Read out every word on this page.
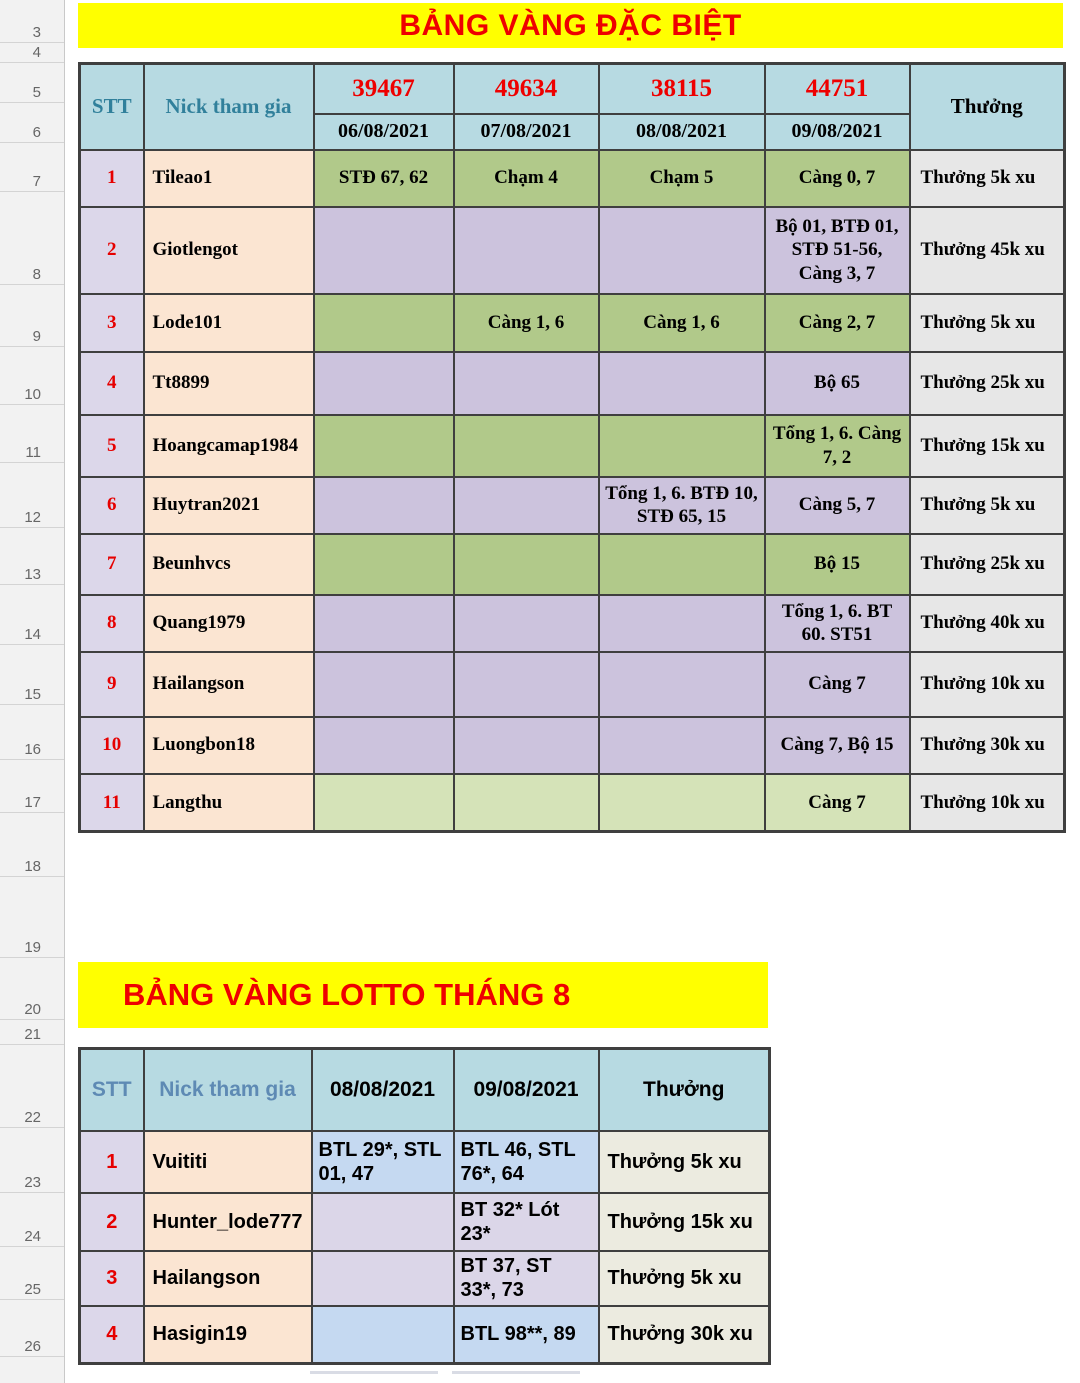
3
4
5
6
7
8
9
10
11
12
13
14
15
16
17
18
19
20
21
22
23
24
25
26
BẢNG VÀNG ĐẶC BIỆT
BẢNG VÀNG LOTTO THÁNG 8
STT	Nick tham gia	39467	49634	38115	44751	Thưởng
		06/08/2021	07/08/2021	08/08/2021	09/08/2021	
1	Tileao1	STĐ 67, 62	Chạm 4	Chạm 5	Càng 0, 7	Thưởng 5k xu
2	Giotlengot				Bộ 01, BTĐ 01, STĐ 51-56, Càng 3, 7	Thưởng 45k xu
3	Lode101		Càng 1, 6	Càng 1, 6	Càng 2, 7	Thưởng 5k xu
4	Tt8899				Bộ 65	Thưởng 25k xu
5	Hoangcamap1984				Tổng 1, 6. Càng 7, 2	Thưởng 15k xu
6	Huytran2021			Tổng 1, 6. BTĐ 10, STĐ 65, 15	Càng 5, 7	Thưởng 5k xu
7	Beunhvcs				Bộ 15	Thưởng 25k xu
8	Quang1979				Tổng 1, 6. BT 60. ST51	Thưởng 40k xu
9	Hailangson				Càng 7	Thưởng 10k xu
10	Luongbon18				Càng 7, Bộ 15	Thưởng 30k xu
11	Langthu				Càng 7	Thưởng 10k xu
STT	Nick tham gia	08/08/2021	09/08/2021	Thưởng
1	Vuititi	BTL 29*, STL 01, 47	BTL 46, STL 76*, 64	Thưởng 5k xu
2	Hunter_lode777		BT 32* Lót 23*	Thưởng 15k xu
3	Hailangson		BT 37, ST 33*, 73	Thưởng 5k xu
4	Hasigin19		BTL 98**, 89	Thưởng 30k xu
